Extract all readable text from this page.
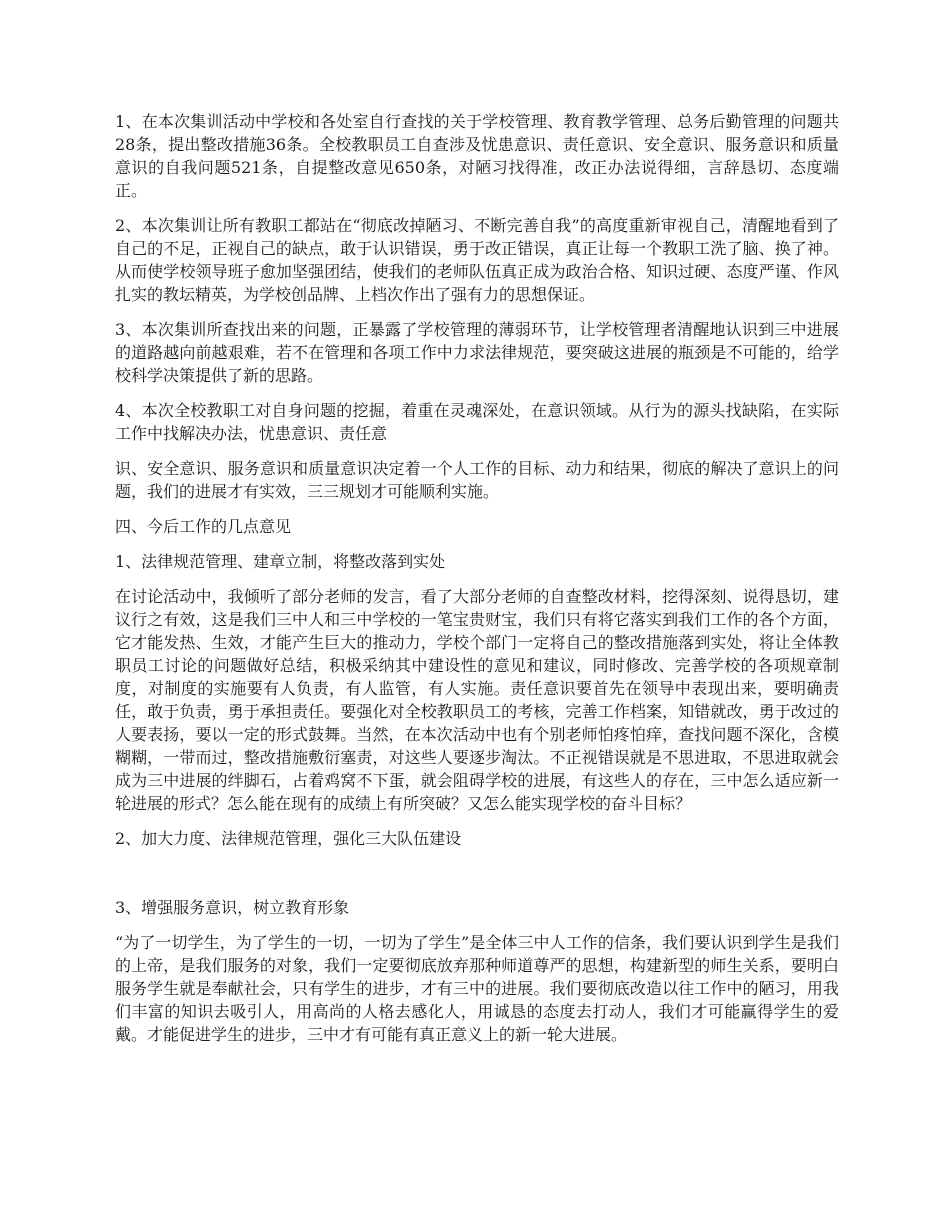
1、在本次集训活动中学校和各处室自行查找的关于学校管理、教育教学管理、总务后勤管理的问题共28条，提出整改措施36条。全校教职员工自查涉及忧患意识、责任意识、安全意识、服务意识和质量意识的自我问题521条，自提整改意见650条，对陋习找得准，改正办法说得细，言辞恳切、态度端正。

2、本次集训让所有教职工都站在“彻底改掉陋习、不断完善自我”的高度重新审视自己，清醒地看到了自己的不足，正视自己的缺点，敢于认识错误，勇于改正错误，真正让每一个教职工洗了脑、换了神。从而使学校领导班子愈加坚强团结，使我们的老师队伍真正成为政治合格、知识过硬、态度严谨、作风扎实的教坛精英，为学校创品牌、上档次作出了强有力的思想保证。

3、本次集训所查找出来的问题，正暴露了学校管理的薄弱环节，让学校管理者清醒地认识到三中进展的道路越向前越艰难，若不在管理和各项工作中力求法律规范，要突破这进展的瓶颈是不可能的，给学校科学决策提供了新的思路。

4、本次全校教职工对自身问题的挖掘，着重在灵魂深处，在意识领域。从行为的源头找缺陷，在实际工作中找解决办法，忧患意识、责任意

识、安全意识、服务意识和质量意识决定着一个人工作的目标、动力和结果，彻底的解决了意识上的问题，我们的进展才有实效，三三规划才可能顺利实施。

四、今后工作的几点意见

1、法律规范管理、建章立制，将整改落到实处

在讨论活动中，我倾听了部分老师的发言，看了大部分老师的自查整改材料，挖得深刻、说得恳切，建议行之有效，这是我们三中人和三中学校的一笔宝贵财宝，我们只有将它落实到我们工作的各个方面，它才能发热、生效，才能产生巨大的推动力，学校个部门一定将自己的整改措施落到实处，将让全体教职员工讨论的问题做好总结，积极采纳其中建设性的意见和建议，同时修改、完善学校的各项规章制度，对制度的实施要有人负责，有人监管，有人实施。责任意识要首先在领导中表现出来，要明确责任，敢于负责，勇于承担责任。要强化对全校教职员工的考核，完善工作档案，知错就改，勇于改过的人要表扬，要以一定的形式鼓舞。当然，在本次活动中也有个别老师怕疼怕痒，查找问题不深化，含模糊糊，一带而过，整改措施敷衍塞责，对这些人要逐步淘汰。不正视错误就是不思进取，不思进取就会成为三中进展的绊脚石，占着鸡窝不下蛋，就会阻碍学校的进展，有这些人的存在，三中怎么适应新一轮进展的形式？怎么能在现有的成绩上有所突破？又怎么能实现学校的奋斗目标？

2、加大力度、法律规范管理，强化三大队伍建设

3、增强服务意识，树立教育形象

“为了一切学生，为了学生的一切，一切为了学生”是全体三中人工作的信条，我们要认识到学生是我们的上帝，是我们服务的对象，我们一定要彻底放弃那种师道尊严的思想，构建新型的师生关系，要明白服务学生就是奉献社会，只有学生的进步，才有三中的进展。我们要彻底改造以往工作中的陋习，用我们丰富的知识去吸引人，用高尚的人格去感化人，用诚恳的态度去打动人，我们才可能赢得学生的爱戴。才能促进学生的进步，三中才有可能有真正意义上的新一轮大进展。
